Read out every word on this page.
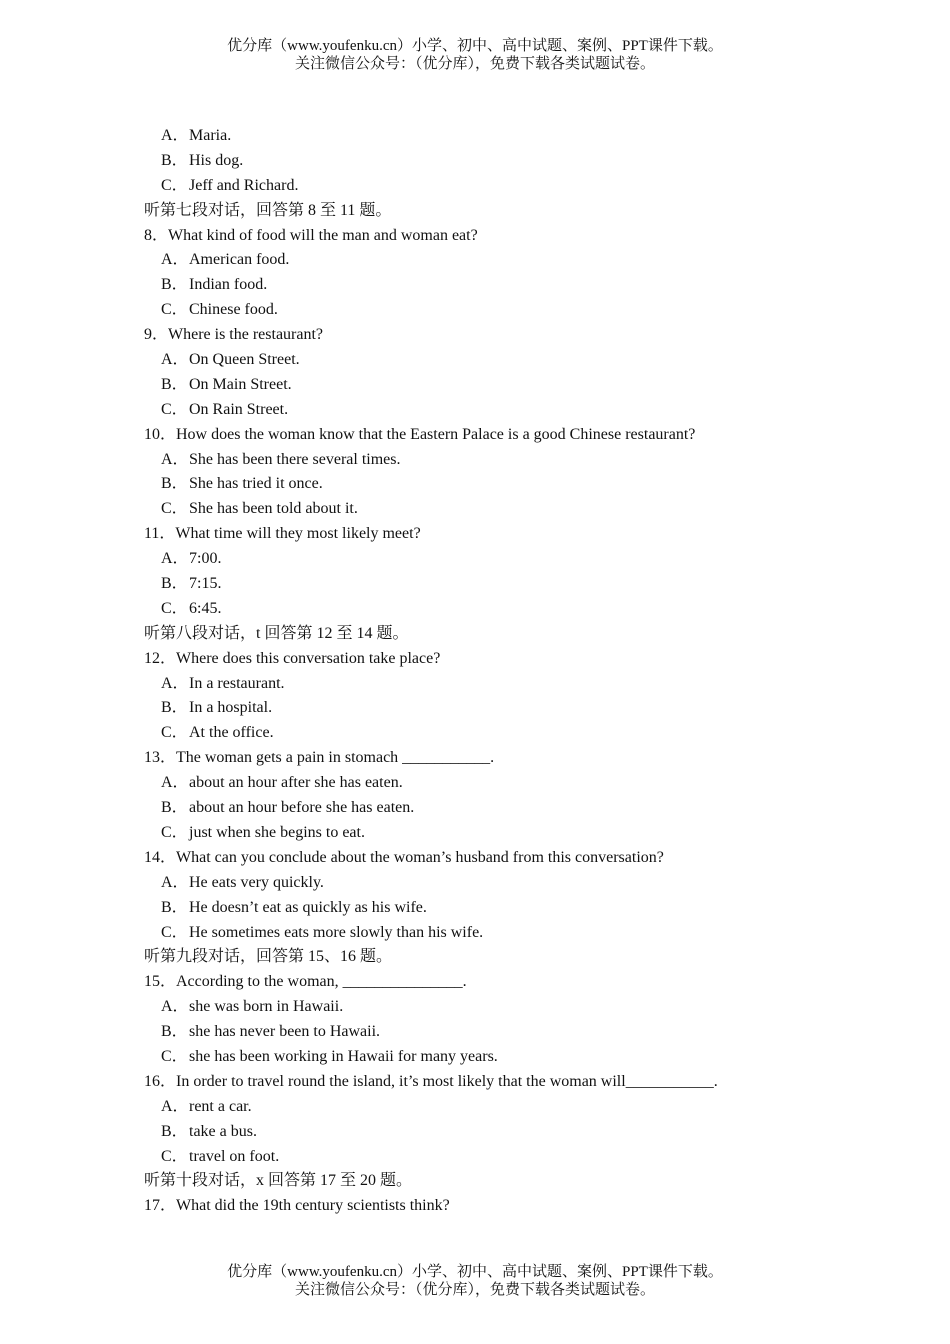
优分库（www.youfenku.cn）小学、初中、高中试题、案例、PPT课件下载。
关注微信公众号：（优分库），免费下载各类试题试卷。
A．Maria.
B．His dog.
C．Jeff and Richard.
听第七段对话，回答第 8 至 11 题。
8．What kind of food will the man and woman eat?
A．American food.
B．Indian food.
C．Chinese food.
9．Where is the restaurant?
A．On Queen Street.
B．On Main Street.
C．On Rain Street.
10．How does the woman know that the Eastern Palace is a good Chinese restaurant?
A．She has been there several times.
B．She has tried it once.
C．She has been told about it.
11．What time will they most likely meet?
A．7:00.
B．7:15.
C．6:45.
听第八段对话，t 回答第 12 至 14 题。
12．Where does this conversation take place?
A．In a restaurant.
B．In a hospital.
C．At the office.
13．The woman gets a pain in stomach ___________.
A．about an hour after she has eaten.
B．about an hour before she has eaten.
C．just when she begins to eat.
14．What can you conclude about the woman’s husband from this conversation?
A．He eats very quickly.
B．He doesn’t eat as quickly as his wife.
C．He sometimes eats more slowly than his wife.
听第九段对话，回答第 15、16 题。
15．According to the woman, _______________.
A．she was born in Hawaii.
B．she has never been to Hawaii.
C．she has been working in Hawaii for many years.
16．In order to travel round the island, it’s most likely that the woman will___________.
A．rent a car.
B．take a bus.
C．travel on foot.
听第十段对话，x 回答第 17 至 20 题。
17．What did the 19th century scientists think?
优分库（www.youfenku.cn）小学、初中、高中试题、案例、PPT课件下载。
关注微信公众号：（优分库），免费下载各类试题试卷。
